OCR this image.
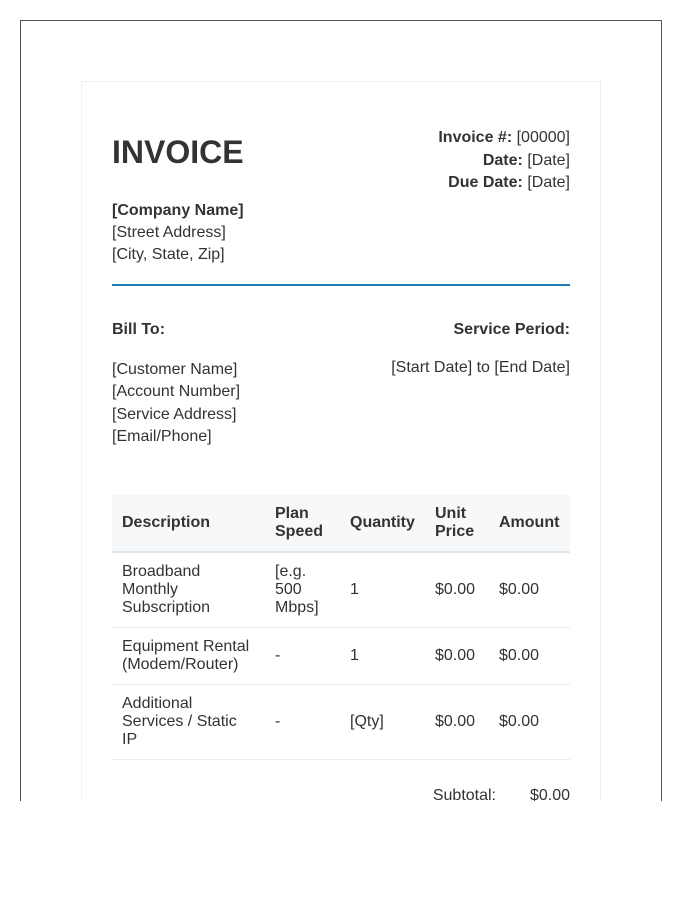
INVOICE	Invoice #: [00000]
Date: [Date]
Due Date: [Date]
[Company Name]
[Street Address]
[City, State, Zip]
Bill To:	Service Period:
[Customer Name]
[Account Number]
[Service Address]
[Email/Phone]
[Start Date] to [End Date]
Description	Plan Speed	Quantity	Unit Price	Amount
Broadband Monthly Subscription	[e.g. 500 Mbps]	1	$0.00	$0.00
Equipment Rental (Modem/Router)	-	1	$0.00	$0.00
Additional Services / Static IP	-	[Qty]	$0.00	$0.00
Subtotal: $0.00
